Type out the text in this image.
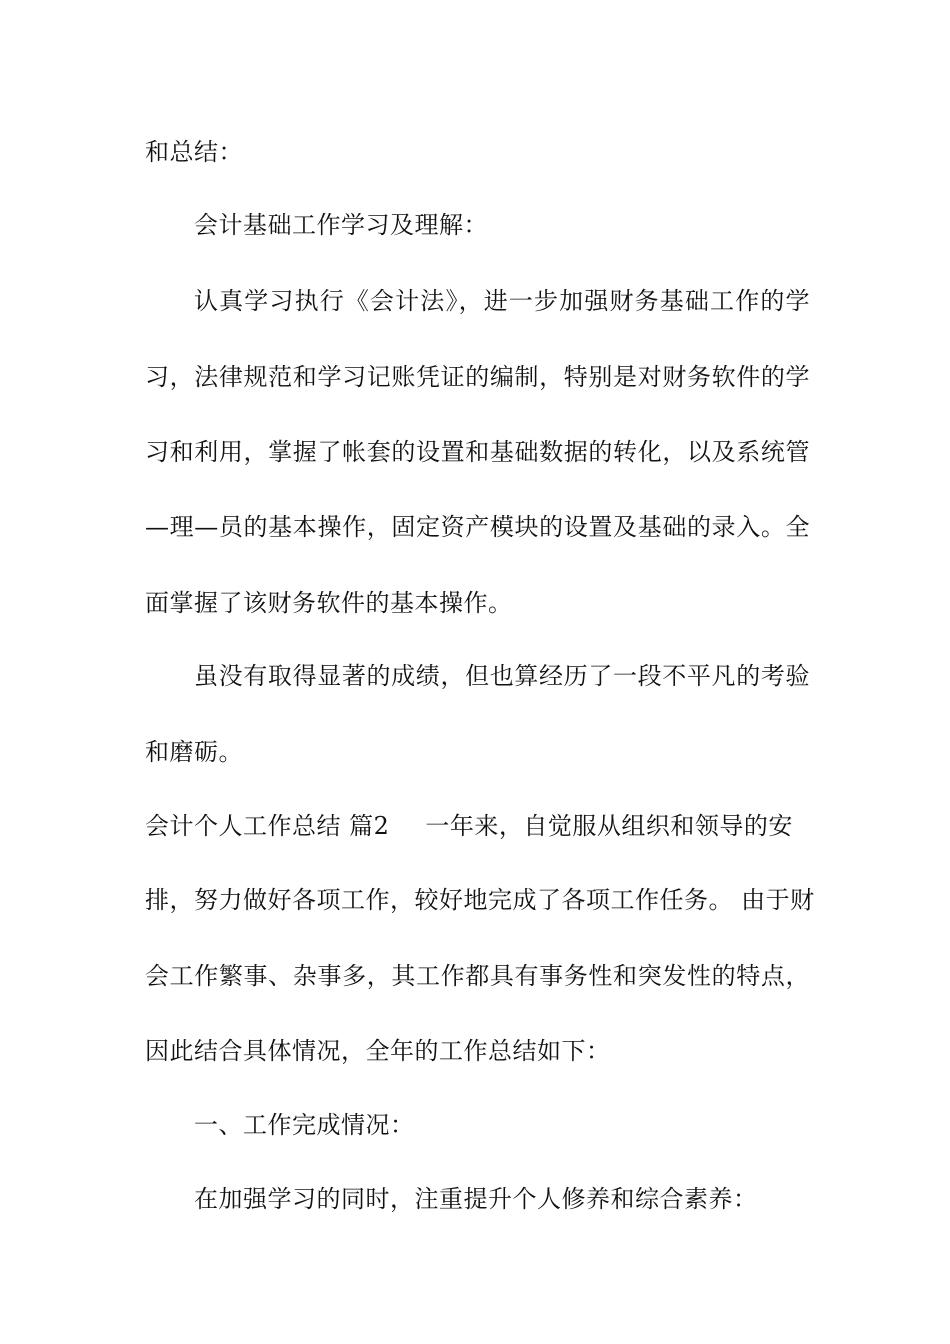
和总结：
会计基础工作学习及理解：
认真学习执行《会计法》，进一步加强财务基础工作的学
习，法律规范和学习记账凭证的编制，特别是对财务软件的学
习和利用，掌握了帐套的设置和基础数据的转化，以及系统管
—理—员的基本操作，固定资产模块的设置及基础的录入。全
面掌握了该财务软件的基本操作。
虽没有取得显著的成绩，但也算经历了一段不平凡的考验
和磨砺。
会计个人工作总结 篇2 一年来，自觉服从组织和领导的安
排，努力做好各项工作，较好地完成了各项工作任务。 由于财
会工作繁事、杂事多，其工作都具有事务性和突发性的特点，
因此结合具体情况，全年的工作总结如下：
一、工作完成情况：
在加强学习的同时，注重提升个人修养和综合素养：
